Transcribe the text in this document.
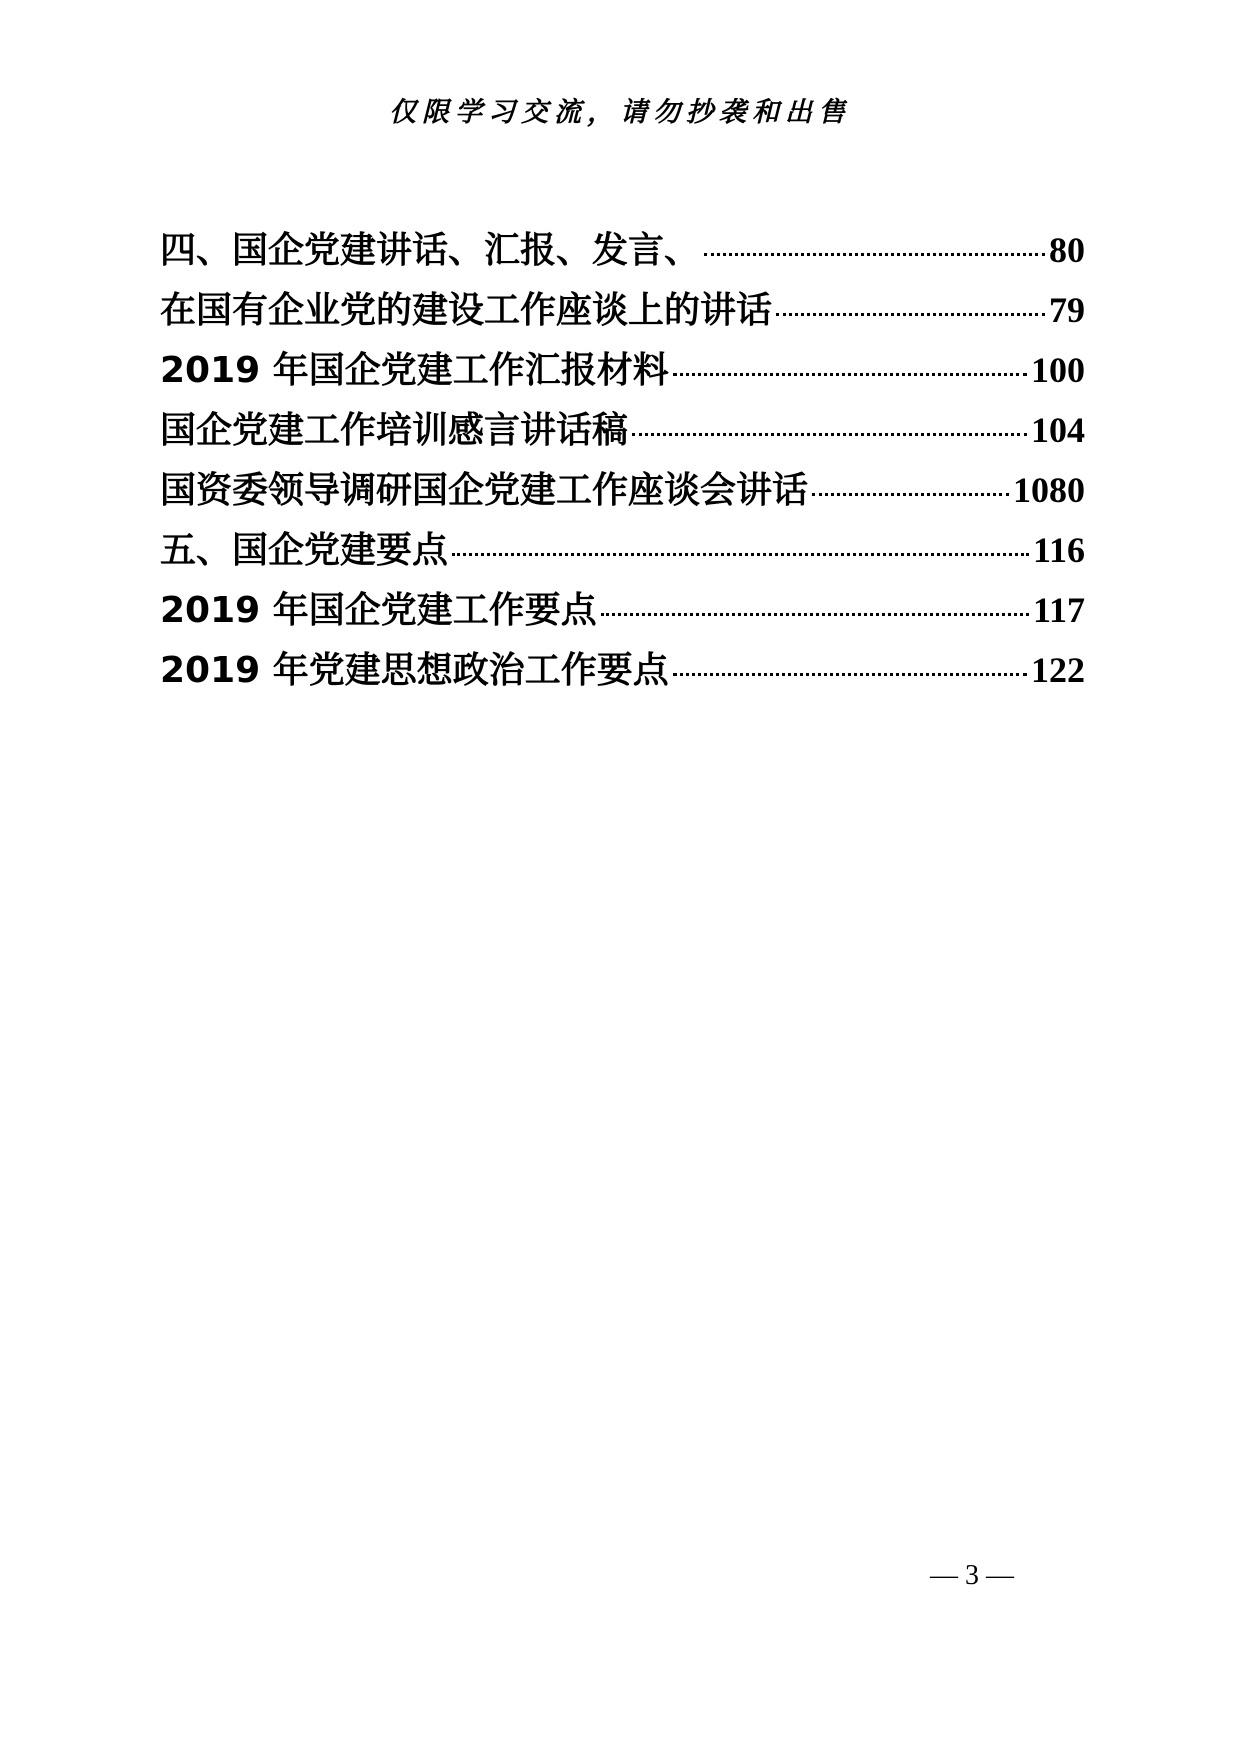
仅限学习交流，请勿抄袭和出售
四、国企党建讲话、汇报、发言、	80
在国有企业党的建设工作座谈上的讲话	79
2019 年国企党建工作汇报材料	100
国企党建工作培训感言讲话稿	104
国资委领导调研国企党建工作座谈会讲话	1080
五、国企党建要点	116
2019 年国企党建工作要点	117
2019 年党建思想政治工作要点	122
— 3 —
